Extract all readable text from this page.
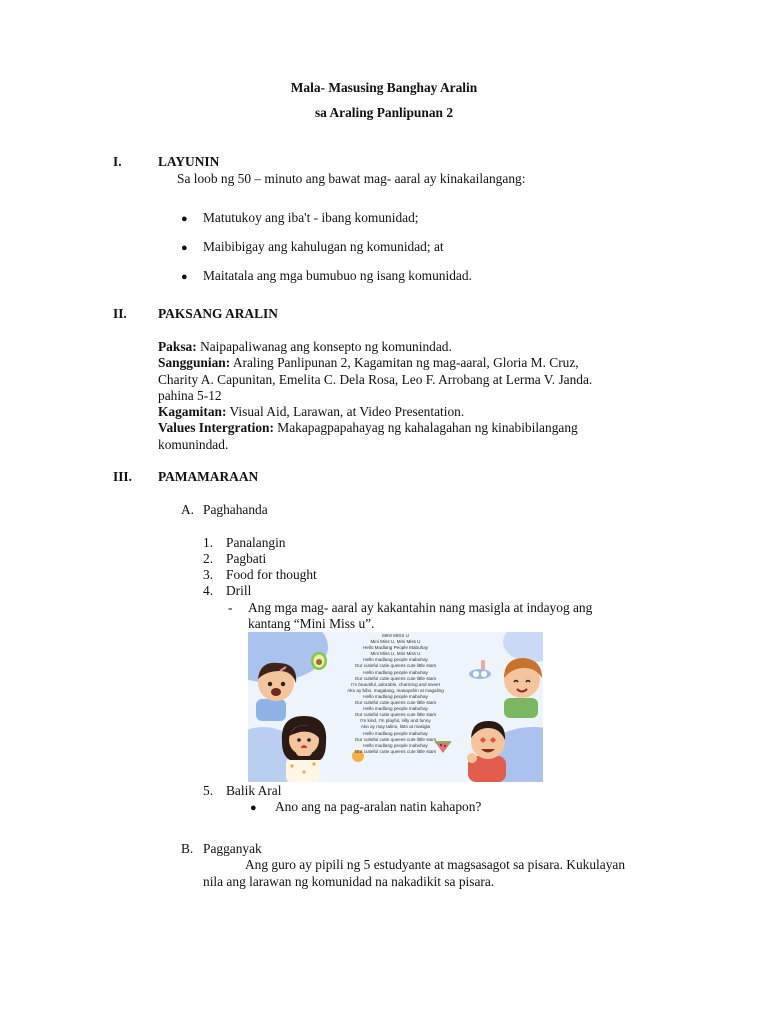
Mala- Masusing Banghay Aralin
sa Araling Panlipunan 2
I.	LAYUNIN
Sa loob ng 50 – minuto ang bawat mag- aaral ay kinakailangang:
● Matutukoy ang iba't - ibang komunidad;
● Maibibigay ang kahulugan ng komunidad; at
● Maitatala ang mga bumubuo ng isang komunidad.
II. PAKSANG ARALIN
Paksa: Naipapaliwanag ang konsepto ng komunindad.
Sanggunian: Araling Panlipunan 2, Kagamitan ng mag-aaral, Gloria M. Cruz,
Charity A. Capunitan, Emelita C. Dela Rosa, Leo F. Arrobang at Lerma V. Janda.
pahina 5-12
Kagamitan: Visual Aid, Larawan, at Video Presentation.
Values Intergration: Makapagpapahayag ng kahalagahan ng kinabibilangang
komunindad.
III. PAMAMARAAN
A. Paghahanda
1. Panalangin
2. Pagbati
3. Food for thought
4. Drill
- Ang mga mag- aaral ay kakantahin nang masigla at indayog ang
kantang “Mini Miss u”.
MINI MISS U
Mini Miss U, Mini Miss U
Hello Madlang People Mabuhay
Mini Miss U, Mini Miss U
Hello madlang people mabuhay
Our cutieful cutie queens cute little stars
Hello madlang people mabuhay
Our cutieful cutie queens cute little stars
I'm beautiful, adorable, charming and sweet
Ako ay bibo, magalang, masayahin at magaling
Hello madlang people mabuhay
Our cutieful cutie queens cute little stars
Hello madlang people mabuhay
Our cutieful cutie queens cute little stars
I'm kind, I'm playful, silly and funny
Ako ay may talino, listo at masigla
Hello madlang people mabuhay
Our cutieful cutie queens cute little stars
Hello madlang people mabuhay
Our cutieful cutie queens cute little stars
5. Balik Aral
● Ano ang na pag-aralan natin kahapon?
B. Pagganyak
Ang guro ay pipili ng 5 estudyante at magsasagot sa pisara. Kukulayan
nila ang larawan ng komunidad na nakadikit sa pisara.
